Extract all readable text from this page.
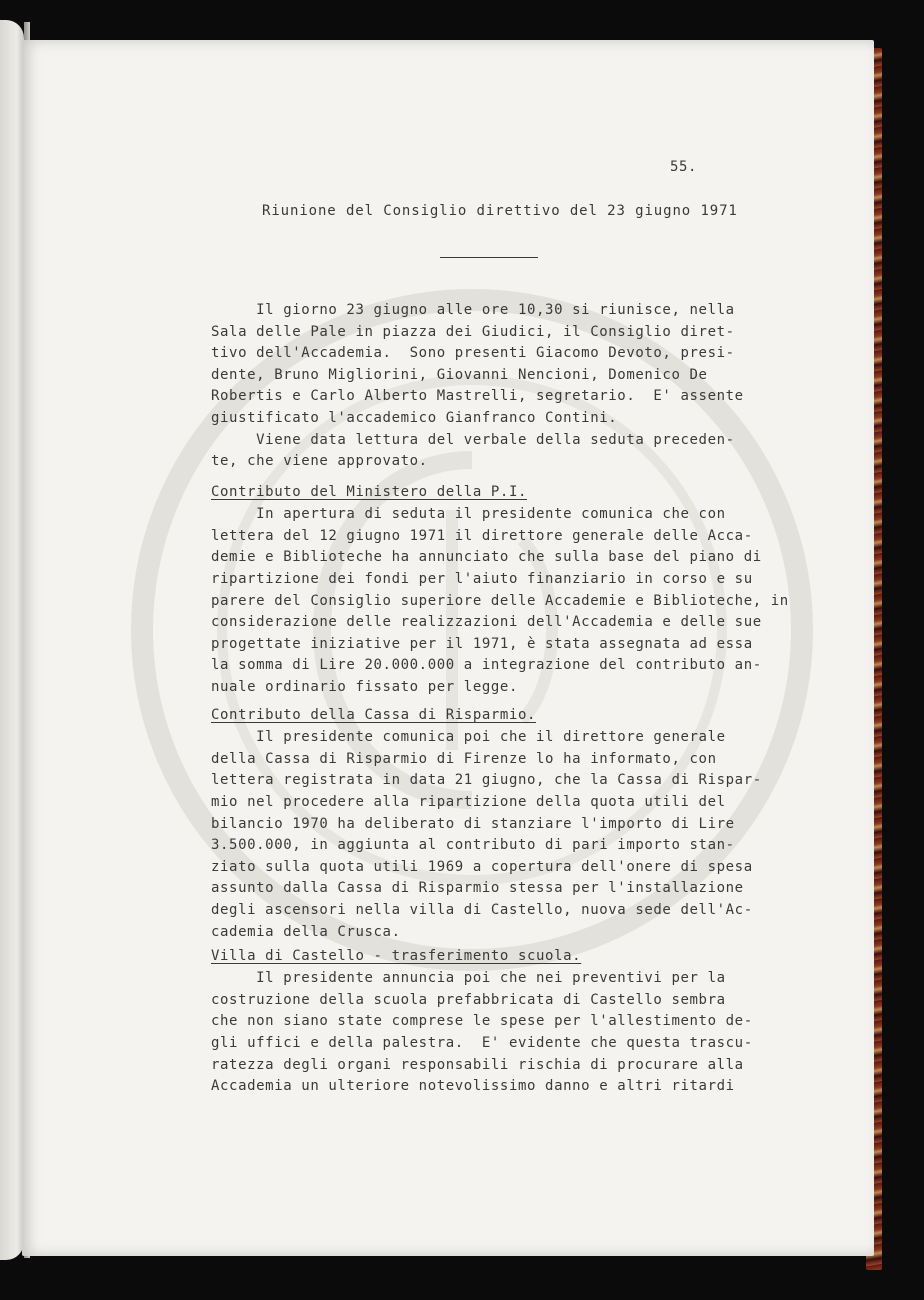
55.
Riunione del Consiglio direttivo del 23 giugno 1971
Il giorno 23 giugno alle ore 10,30 si riunisce, nella
Sala delle Pale in piazza dei Giudici, il Consiglio diret-
tivo dell'Accademia.  Sono presenti Giacomo Devoto, presi-
dente, Bruno Migliorini, Giovanni Nencioni, Domenico De
Robertis e Carlo Alberto Mastrelli, segretario.  E' assente
giustificato l'accademico Gianfranco Contini.
Viene data lettura del verbale della seduta preceden-
te, che viene approvato.
Contributo del Ministero della P.I.
In apertura di seduta il presidente comunica che con
lettera del 12 giugno 1971 il direttore generale delle Acca-
demie e Biblioteche ha annunciato che sulla base del piano di
ripartizione dei fondi per l'aiuto finanziario in corso e su
parere del Consiglio superiore delle Accademie e Biblioteche, in
considerazione delle realizzazioni dell'Accademia e delle sue
progettate iniziative per il 1971, è stata assegnata ad essa
la somma di Lire 20.000.000 a integrazione del contributo an-
nuale ordinario fissato per legge.
Contributo della Cassa di Risparmio.
Il presidente comunica poi che il direttore generale
della Cassa di Risparmio di Firenze lo ha informato, con
lettera registrata in data 21 giugno, che la Cassa di Rispar-
mio nel procedere alla ripartizione della quota utili del
bilancio 1970 ha deliberato di stanziare l'importo di Lire
3.500.000, in aggiunta al contributo di pari importo stan-
ziato sulla quota utili 1969 a copertura dell'onere di spesa
assunto dalla Cassa di Risparmio stessa per l'installazione
degli ascensori nella villa di Castello, nuova sede dell'Ac-
cademia della Crusca.
Villa di Castello - trasferimento scuola.
Il presidente annuncia poi che nei preventivi per la
costruzione della scuola prefabbricata di Castello sembra
che non siano state comprese le spese per l'allestimento de-
gli uffici e della palestra.  E' evidente che questa trascu-
ratezza degli organi responsabili rischia di procurare alla
Accademia un ulteriore notevolissimo danno e altri ritardi
